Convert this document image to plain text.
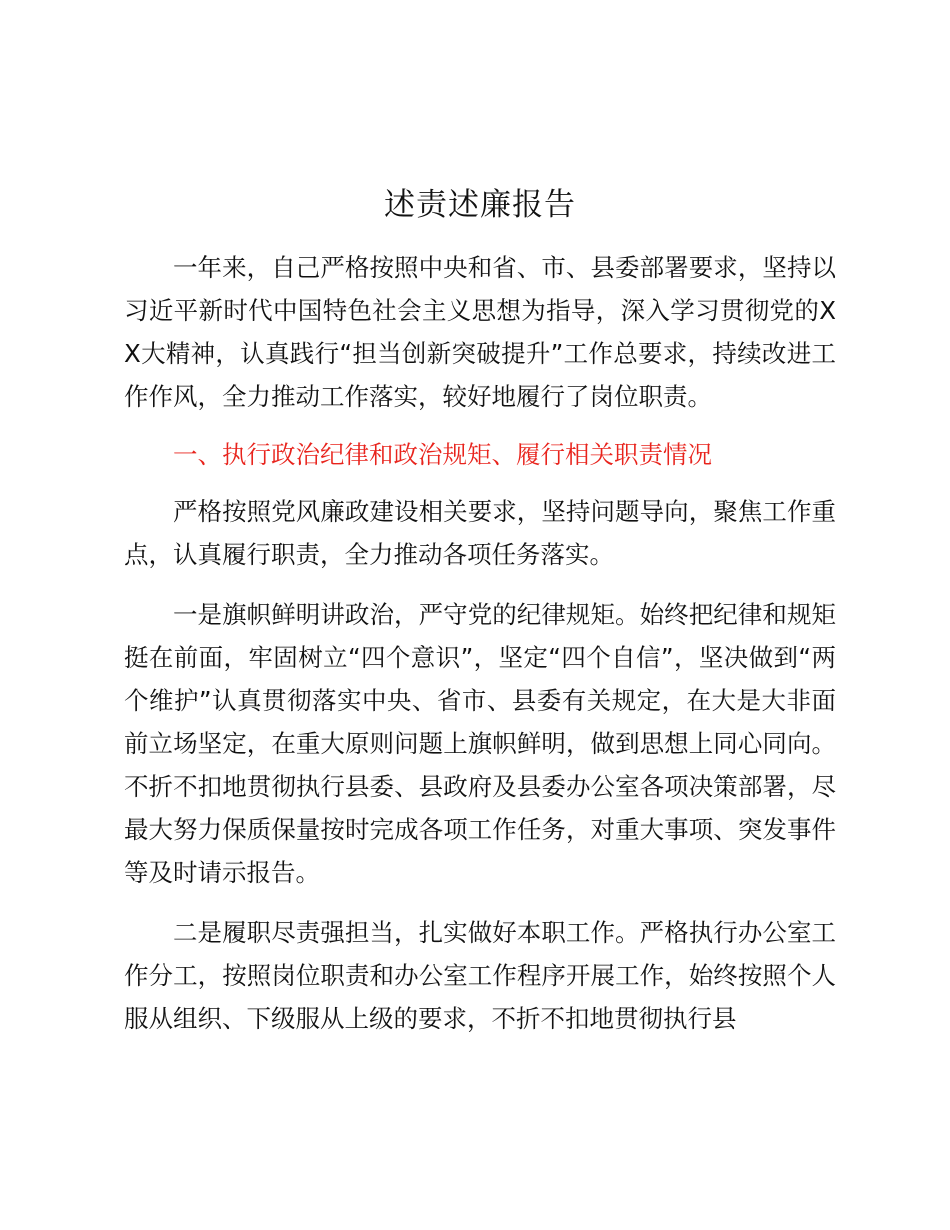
述责述廉报告

一年来，自己严格按照中央和省、市、县委部署要求，坚持以习近平新时代中国特色社会主义思想为指导，深入学习贯彻党的XX大精神，认真践行“担当创新突破提升”工作总要求，持续改进工作作风，全力推动工作落实，较好地履行了岗位职责。

一、执行政治纪律和政治规矩、履行相关职责情况

严格按照党风廉政建设相关要求，坚持问题导向，聚焦工作重点，认真履行职责，全力推动各项任务落实。

一是旗帜鲜明讲政治，严守党的纪律规矩。始终把纪律和规矩挺在前面，牢固树立“四个意识”，坚定“四个自信”，坚决做到“两个维护”认真贯彻落实中央、省市、县委有关规定，在大是大非面前立场坚定，在重大原则问题上旗帜鲜明，做到思想上同心同向。不折不扣地贯彻执行县委、县政府及县委办公室各项决策部署，尽最大努力保质保量按时完成各项工作任务，对重大事项、突发事件等及时请示报告。

二是履职尽责强担当，扎实做好本职工作。严格执行办公室工作分工，按照岗位职责和办公室工作程序开展工作，始终按照个人服从组织、下级服从上级的要求，不折不扣地贯彻执行县
